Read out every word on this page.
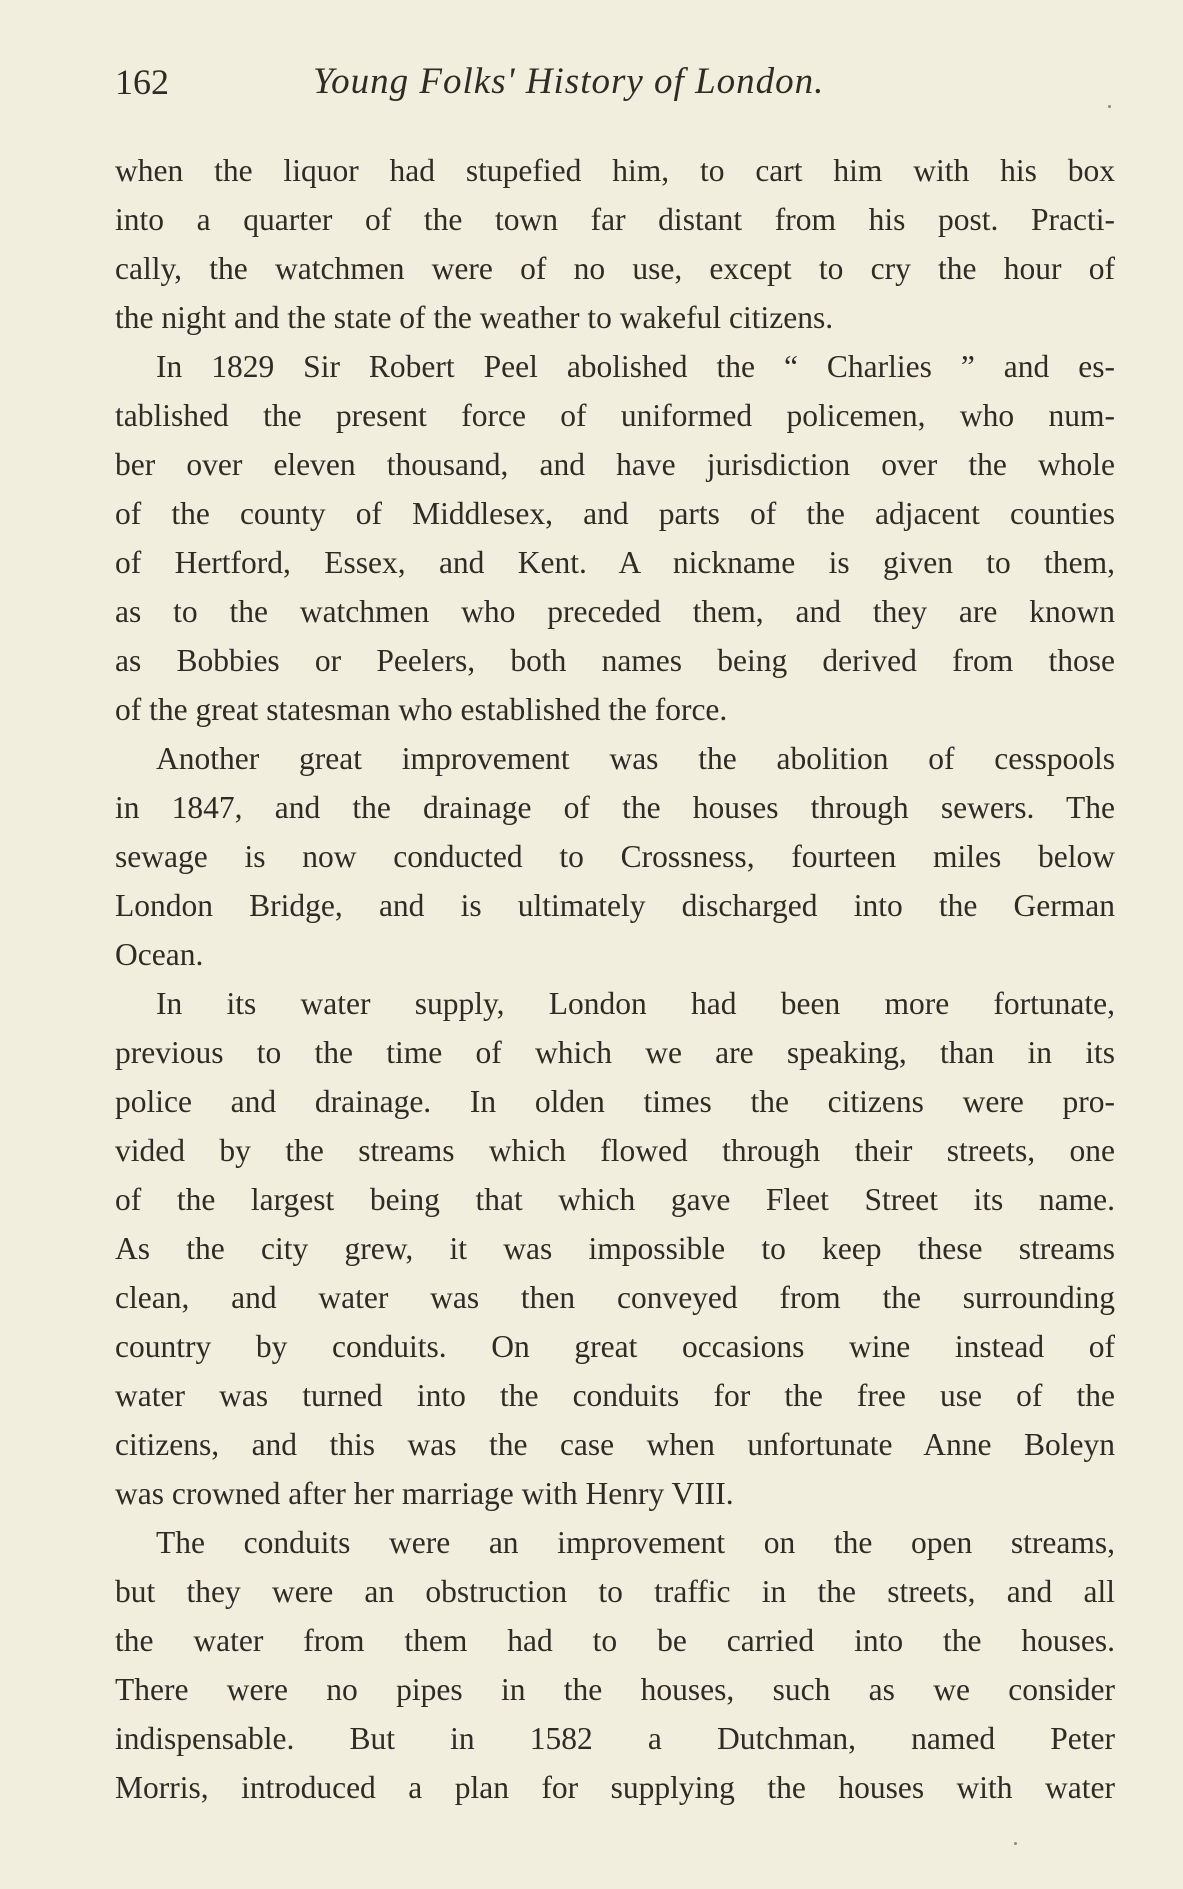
162	Young Folks' History of London.
when the liquor had stupefied him, to cart him with his box
into a quarter of the town far distant from his post. Practi-
cally, the watchmen were of no use, except to cry the hour of
the night and the state of the weather to wakeful citizens.
In 1829 Sir Robert Peel abolished the “ Charlies ” and es-
tablished the present force of uniformed policemen, who num-
ber over eleven thousand, and have jurisdiction over the whole
of the county of Middlesex, and parts of the adjacent counties
of Hertford, Essex, and Kent. A nickname is given to them,
as to the watchmen who preceded them, and they are known
as Bobbies or Peelers, both names being derived from those
of the great statesman who established the force.
Another great improvement was the abolition of cesspools
in 1847, and the drainage of the houses through sewers. The
sewage is now conducted to Crossness, fourteen miles below
London Bridge, and is ultimately discharged into the German
Ocean.
In its water supply, London had been more fortunate,
previous to the time of which we are speaking, than in its
police and drainage. In olden times the citizens were pro-
vided by the streams which flowed through their streets, one
of the largest being that which gave Fleet Street its name.
As the city grew, it was impossible to keep these streams
clean, and water was then conveyed from the surrounding
country by conduits. On great occasions wine instead of
water was turned into the conduits for the free use of the
citizens, and this was the case when unfortunate Anne Boleyn
was crowned after her marriage with Henry VIII.
The conduits were an improvement on the open streams,
but they were an obstruction to traffic in the streets, and all
the water from them had to be carried into the houses.
There were no pipes in the houses, such as we consider
indispensable. But in 1582 a Dutchman, named Peter
Morris, introduced a plan for supplying the houses with water
